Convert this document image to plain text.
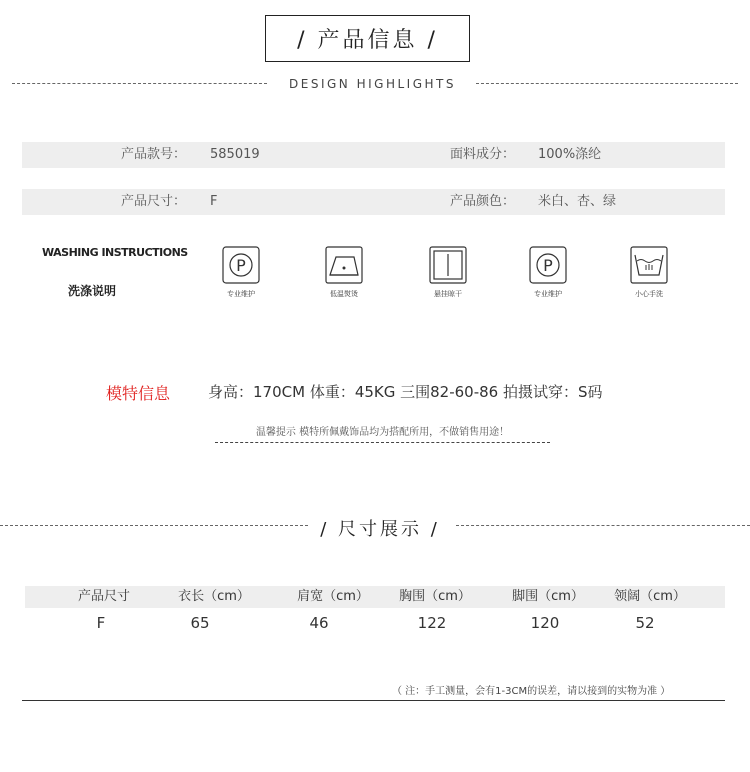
/ 产品信息 /
DESIGN HIGHLIGHTS
产品款号： 585019	面料成分： 100%涤纶
产品尺寸： F	产品颜色： 米白、杏、绿
WASHING INSTRUCTIONS
洗涤说明
P
专业维护	低温熨烫	悬挂晾干
P
专业维护	小心手洗
模特信息	身高：170CM 体重：45KG 三围82-60-86 拍摄试穿：S码
温馨提示 模特所佩戴饰品均为搭配所用，不做销售用途！
/ 尺寸展示 /
产品尺寸	衣长（cm）	肩宽（cm）	胸围（cm）	脚围（cm）	领阔（cm）
F	65	46	122	120	52
（ 注：手工测量，会有1-3CM的误差，请以接到的实物为准 ）
